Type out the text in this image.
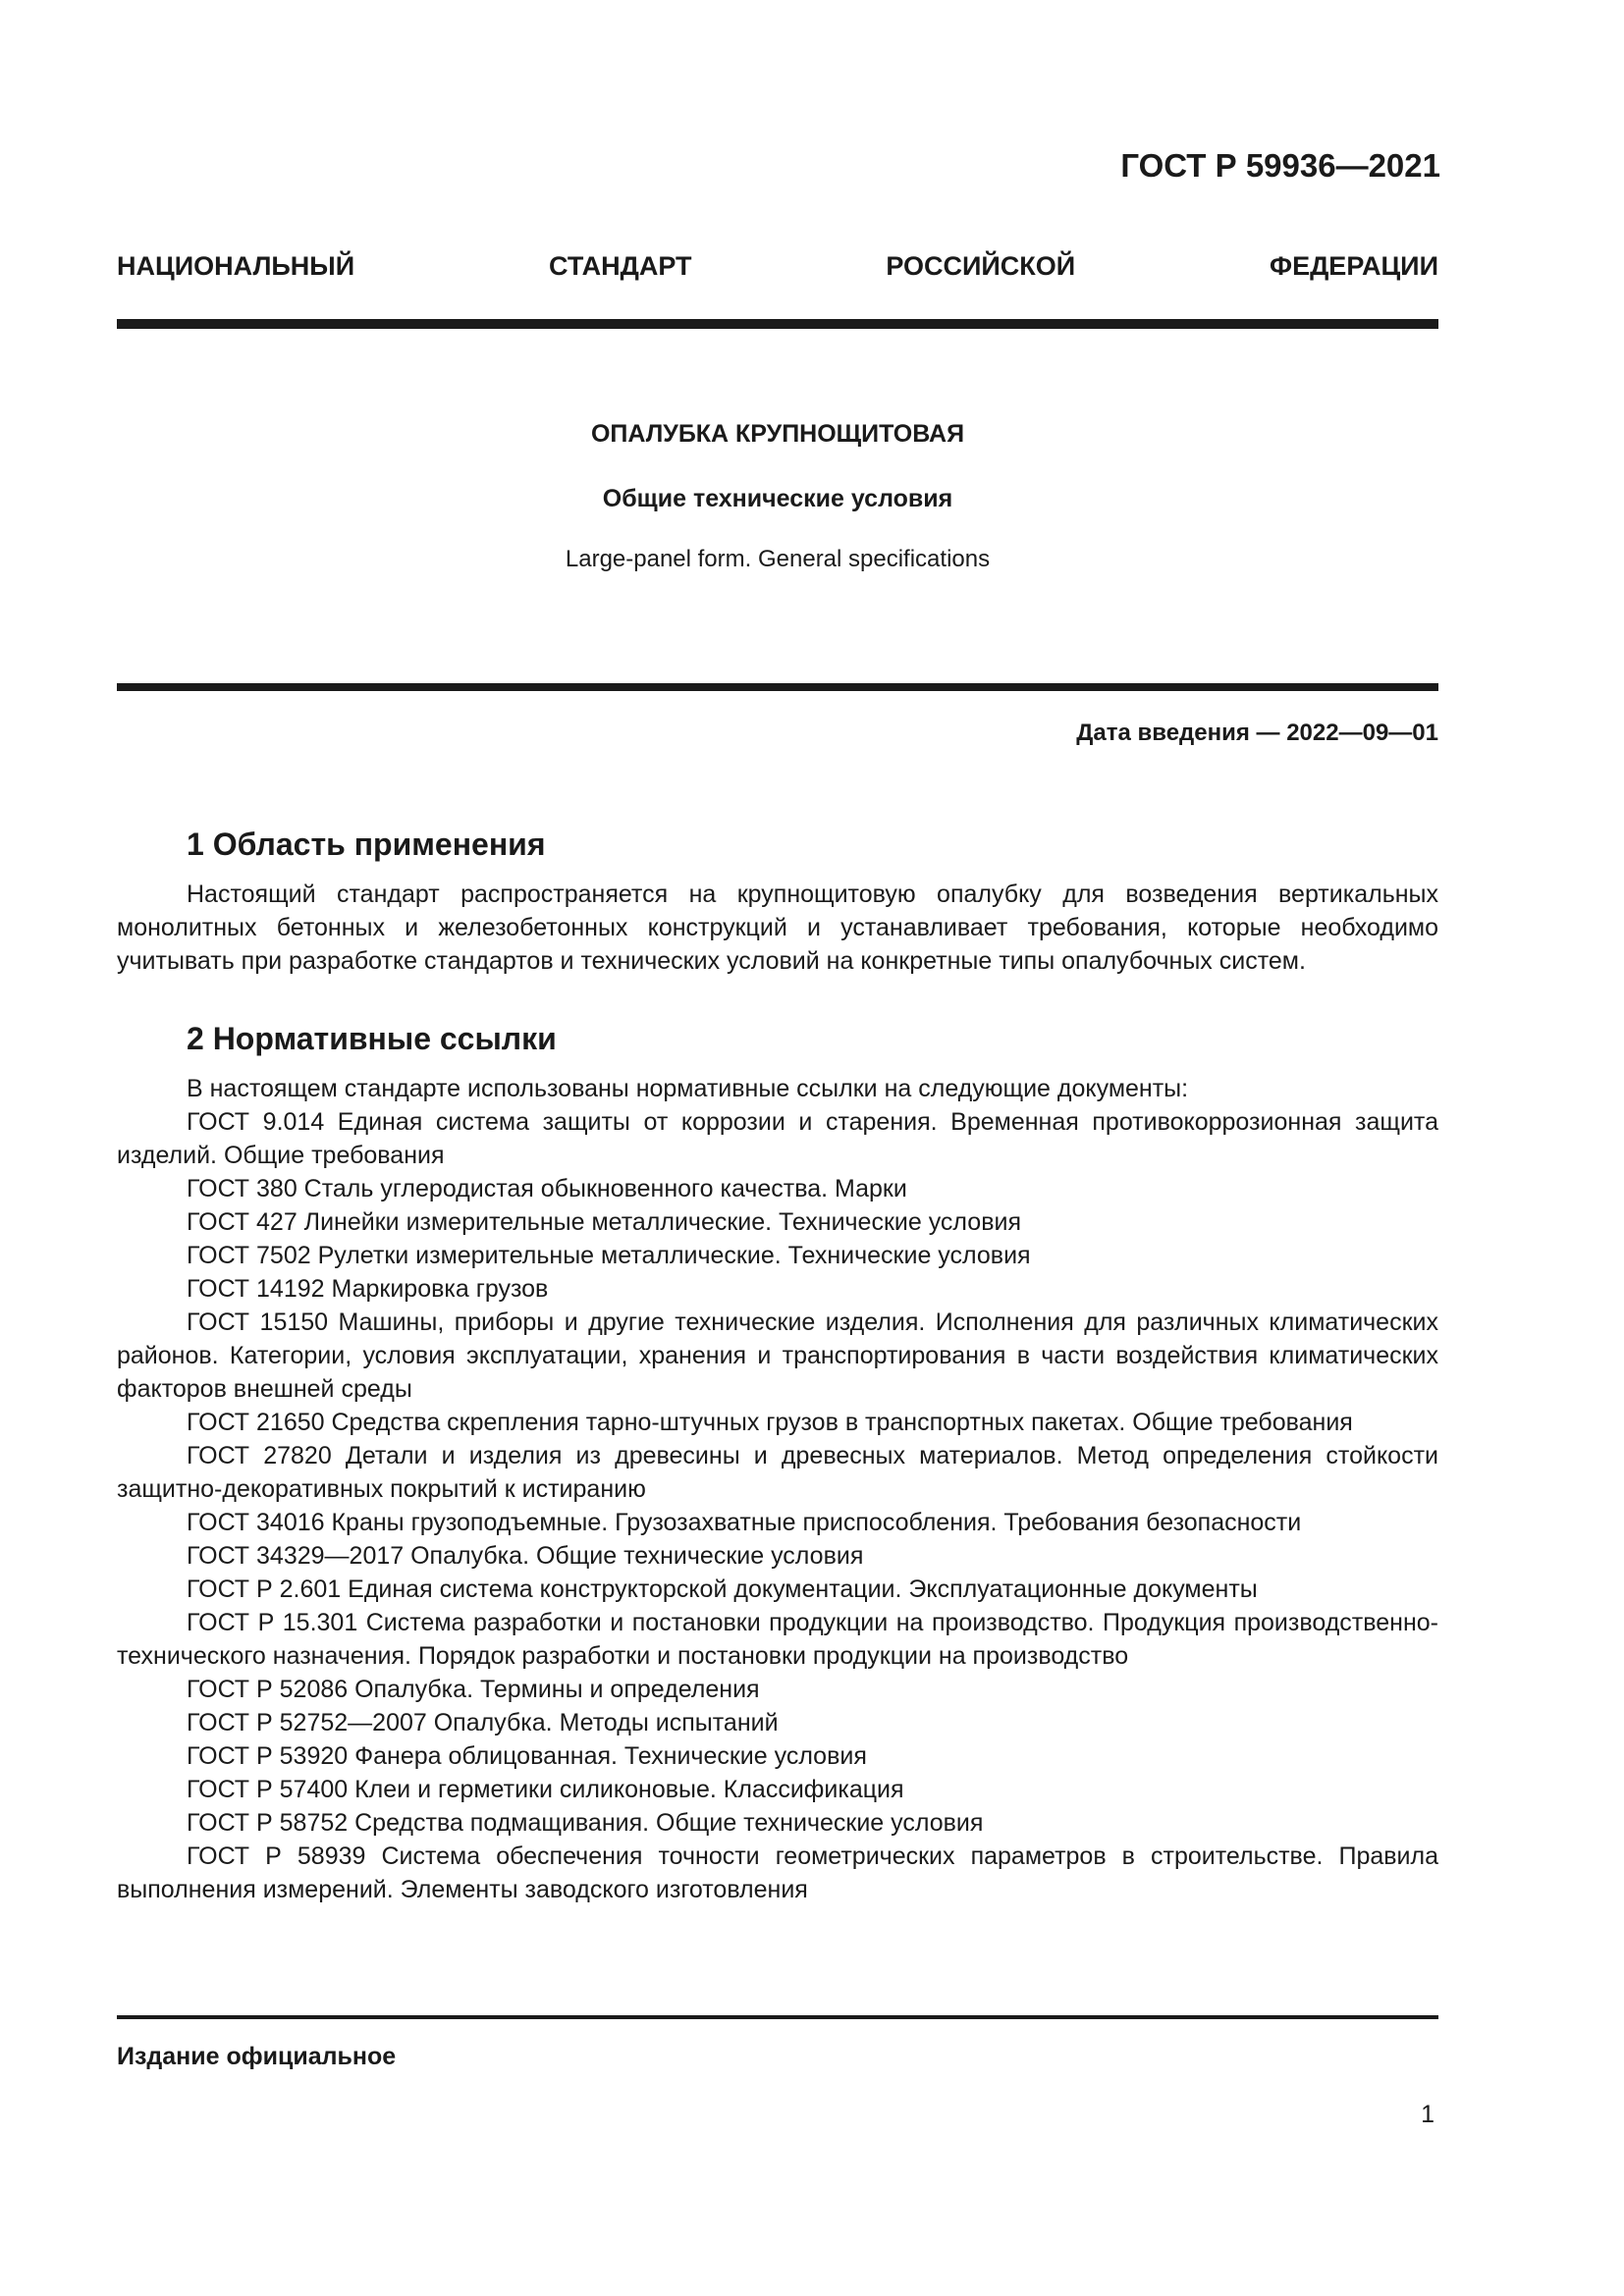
ГОСТ Р 59936—2021
НАЦИОНАЛЬНЫЙ СТАНДАРТ РОССИЙСКОЙ ФЕДЕРАЦИИ
ОПАЛУБКА КРУПНОЩИТОВАЯ
Общие технические условия
Large-panel form. General specifications
Дата введения — 2022—09—01
1 Область применения

Настоящий стандарт распространяется на крупнощитовую опалубку для возведения вертикальных монолитных бетонных и железобетонных конструкций и устанавливает требования, которые необходимо учитывать при разработке стандартов и технических условий на конкретные типы опалубочных систем.

2 Нормативные ссылки

В настоящем стандарте использованы нормативные ссылки на следующие документы:

ГОСТ 9.014 Единая система защиты от коррозии и старения. Временная противокоррозионная защита изделий. Общие требования

ГОСТ 380 Сталь углеродистая обыкновенного качества. Марки

ГОСТ 427 Линейки измерительные металлические. Технические условия

ГОСТ 7502 Рулетки измерительные металлические. Технические условия

ГОСТ 14192 Маркировка грузов

ГОСТ 15150 Машины, приборы и другие технические изделия. Исполнения для различных климатических районов. Категории, условия эксплуатации, хранения и транспортирования в части воздействия климатических факторов внешней среды

ГОСТ 21650 Средства скрепления тарно-штучных грузов в транспортных пакетах. Общие требования

ГОСТ 27820 Детали и изделия из древесины и древесных материалов. Метод определения стойкости защитно-декоративных покрытий к истиранию

ГОСТ 34016 Краны грузоподъемные. Грузозахватные приспособления. Требования безопасности

ГОСТ 34329—2017 Опалубка. Общие технические условия

ГОСТ Р 2.601 Единая система конструкторской документации. Эксплуатационные документы

ГОСТ Р 15.301 Система разработки и постановки продукции на производство. Продукция производственно-технического назначения. Порядок разработки и постановки продукции на производство

ГОСТ Р 52086 Опалубка. Термины и определения

ГОСТ Р 52752—2007 Опалубка. Методы испытаний

ГОСТ Р 53920 Фанера облицованная. Технические условия

ГОСТ Р 57400 Клеи и герметики силиконовые. Классификация

ГОСТ Р 58752 Средства подмащивания. Общие технические условия

ГОСТ Р 58939 Система обеспечения точности геометрических параметров в строительстве. Правила выполнения измерений. Элементы заводского изготовления

Издание официальное
1
